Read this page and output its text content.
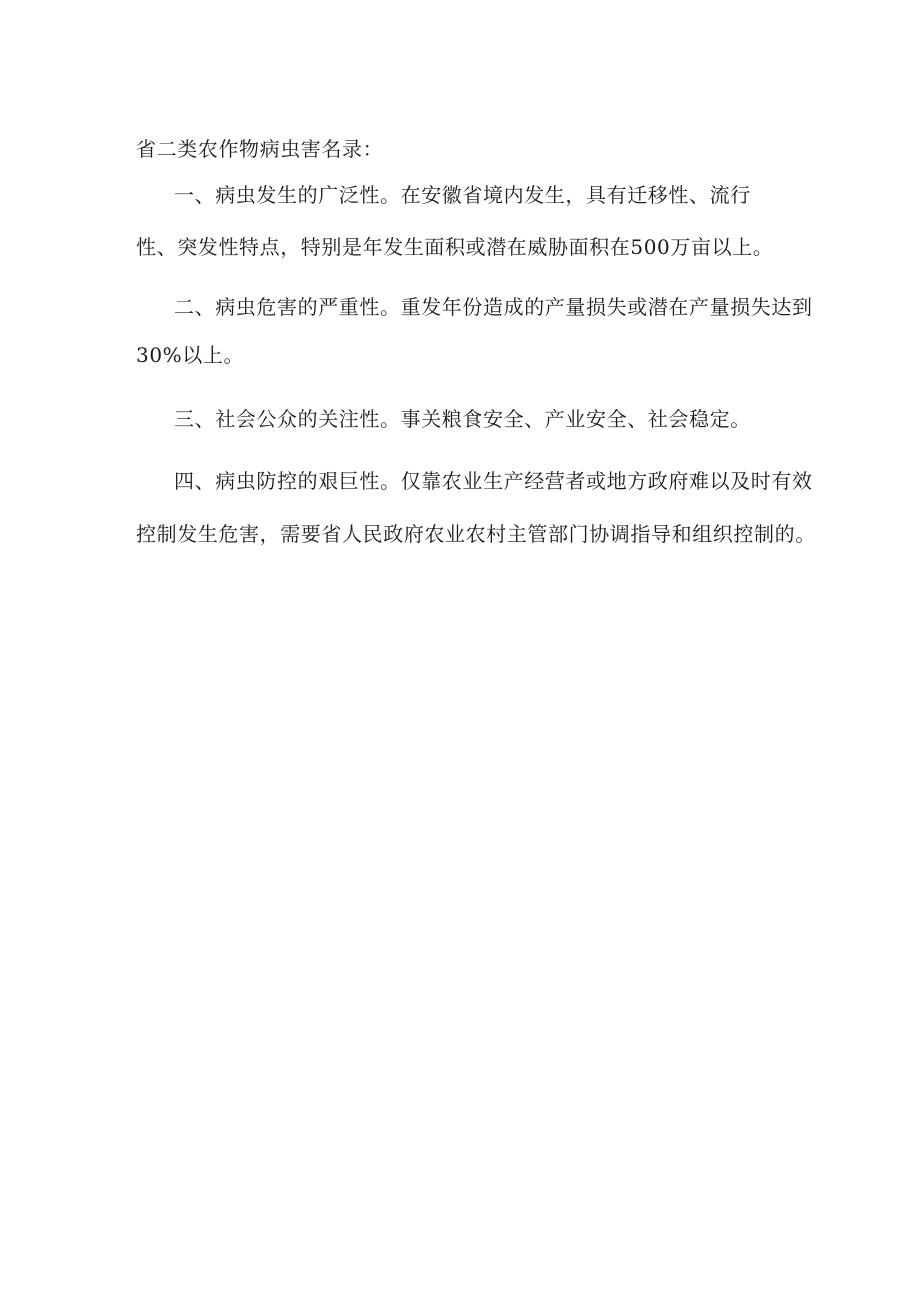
省二类农作物病虫害名录：
一、病虫发生的广泛性。在安徽省境内发生，具有迁移性、流行
性、突发性特点，特别是年发生面积或潜在威胁面积在500万亩以上。
二、病虫危害的严重性。重发年份造成的产量损失或潜在产量损失达到
30%以上。
三、社会公众的关注性。事关粮食安全、产业安全、社会稳定。
四、病虫防控的艰巨性。仅靠农业生产经营者或地方政府难以及时有效
控制发生危害，需要省人民政府农业农村主管部门协调指导和组织控制的。
